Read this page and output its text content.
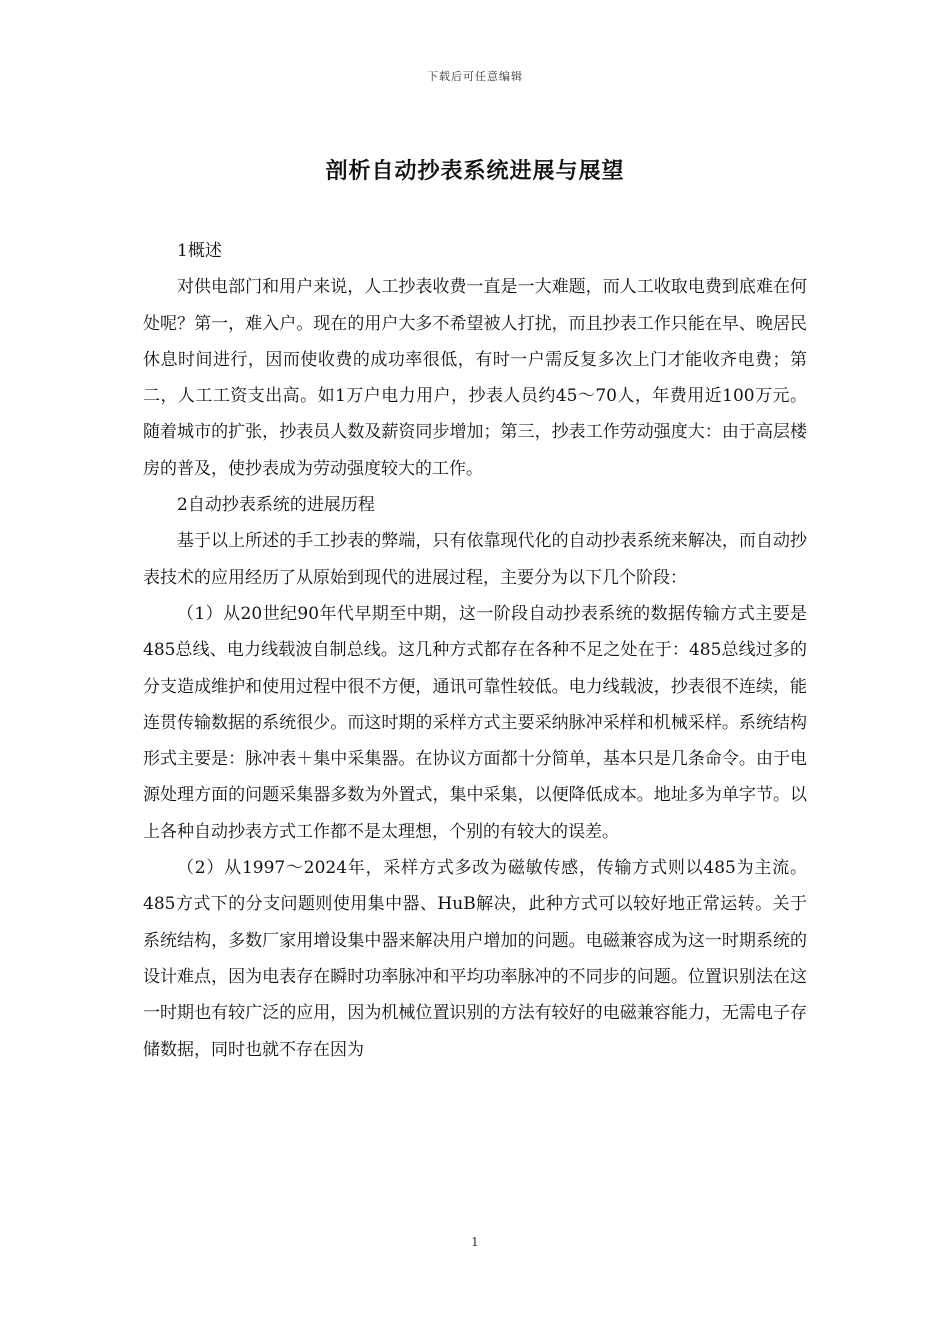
下载后可任意编辑
剖析自动抄表系统进展与展望

1概述

对供电部门和用户来说，人工抄表收费一直是一大难题，而人工收取电费到底难在何处呢？第一，难入户。现在的用户大多不希望被人打扰，而且抄表工作只能在早、晚居民休息时间进行，因而使收费的成功率很低，有时一户需反复多次上门才能收齐电费；第二，人工工资支出高。如1万户电力用户，抄表人员约45～70人，年费用近100万元。随着城市的扩张，抄表员人数及薪资同步增加；第三，抄表工作劳动强度大：由于高层楼房的普及，使抄表成为劳动强度较大的工作。

2自动抄表系统的进展历程

基于以上所述的手工抄表的弊端，只有依靠现代化的自动抄表系统来解决，而自动抄表技术的应用经历了从原始到现代的进展过程，主要分为以下几个阶段：

（1）从20世纪90年代早期至中期，这一阶段自动抄表系统的数据传输方式主要是485总线、电力线载波自制总线。这几种方式都存在各种不足之处在于：485总线过多的分支造成维护和使用过程中很不方便，通讯可靠性较低。电力线载波，抄表很不连续，能连贯传输数据的系统很少。而这时期的采样方式主要采纳脉冲采样和机械采样。系统结构形式主要是：脉冲表＋集中采集器。在协议方面都十分简单，基本只是几条命令。由于电源处理方面的问题采集器多数为外置式，集中采集，以便降低成本。地址多为单字节。以上各种自动抄表方式工作都不是太理想，个别的有较大的误差。

（2）从1997～2024年，采样方式多改为磁敏传感，传输方式则以485为主流。485方式下的分支问题则使用集中器、HuB解决，此种方式可以较好地正常运转。关于系统结构，多数厂家用增设集中器来解决用户增加的问题。电磁兼容成为这一时期系统的设计难点，因为电表存在瞬时功率脉冲和平均功率脉冲的不同步的问题。位置识别法在这一时期也有较广泛的应用，因为机械位置识别的方法有较好的电磁兼容能力，无需电子存储数据，同时也就不存在因为

1
